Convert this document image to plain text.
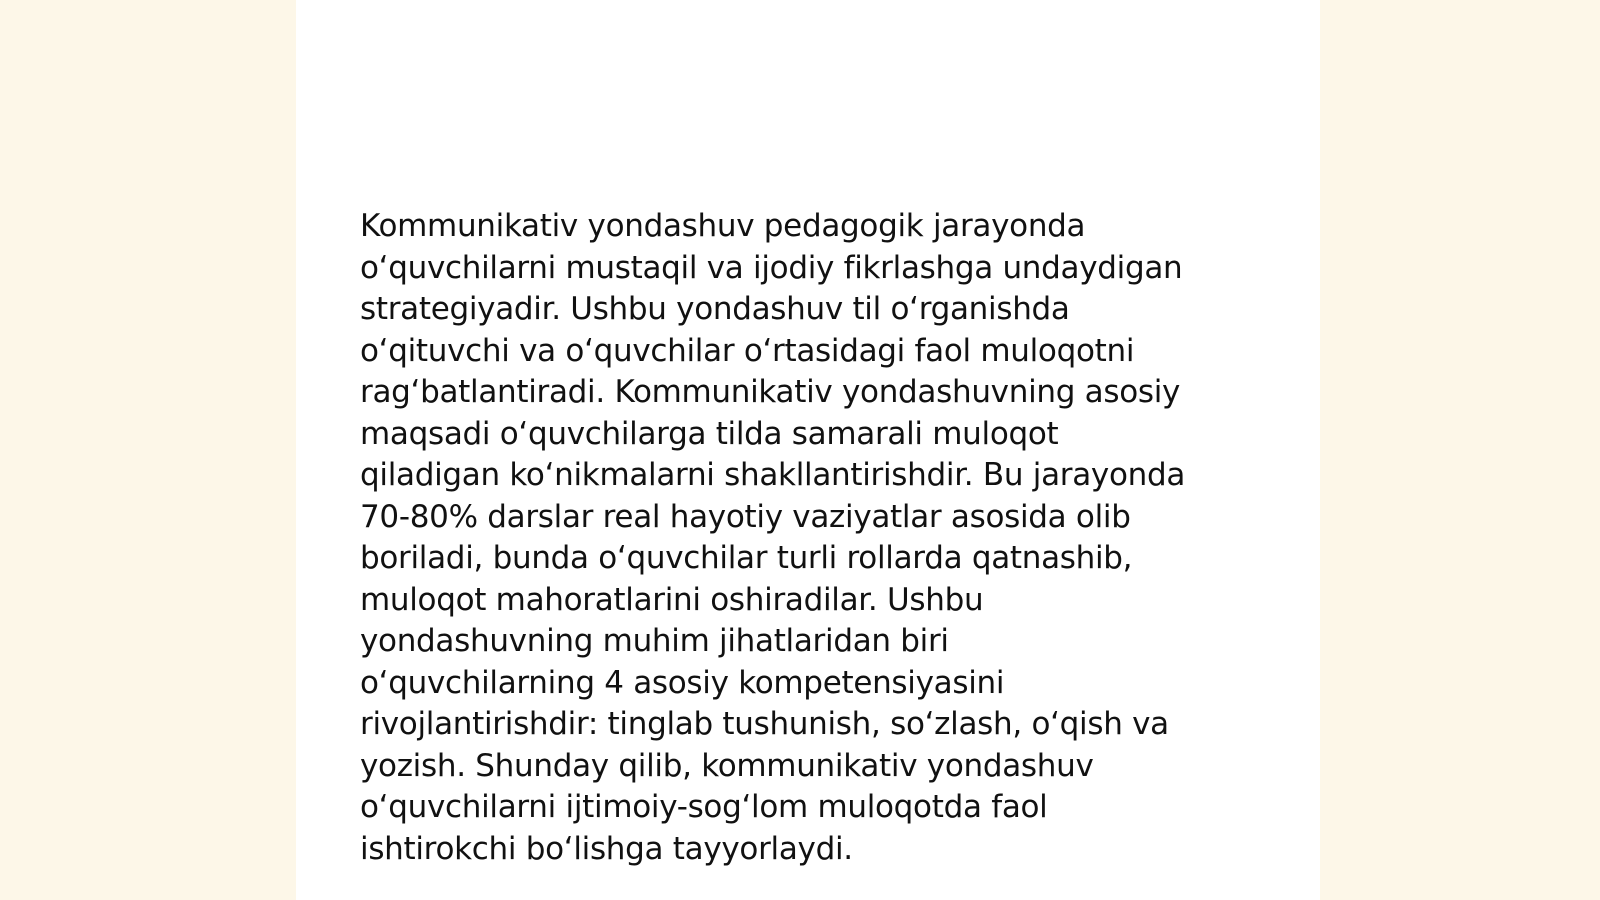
Kommunikativ yondashuv pedagogik jarayonda
o‘quvchilarni mustaqil va ijodiy fikrlashga undaydigan
strategiyadir. Ushbu yondashuv til o‘rganishda
o‘qituvchi va o‘quvchilar o‘rtasidagi faol muloqotni
rag‘batlantiradi. Kommunikativ yondashuvning asosiy
maqsadi o‘quvchilarga tilda samarali muloqot
qiladigan ko‘nikmalarni shakllantirishdir. Bu jarayonda
70-80% darslar real hayotiy vaziyatlar asosida olib
boriladi, bunda o‘quvchilar turli rollarda qatnashib,
muloqot mahoratlarini oshiradilar. Ushbu
yondashuvning muhim jihatlaridan biri
o‘quvchilarning 4 asosiy kompetensiyasini
rivojlantirishdir: tinglab tushunish, so‘zlash, o‘qish va
yozish. Shunday qilib, kommunikativ yondashuv
o‘quvchilarni ijtimoiy-sog‘lom muloqotda faol
ishtirokchi bo‘lishga tayyorlaydi.
